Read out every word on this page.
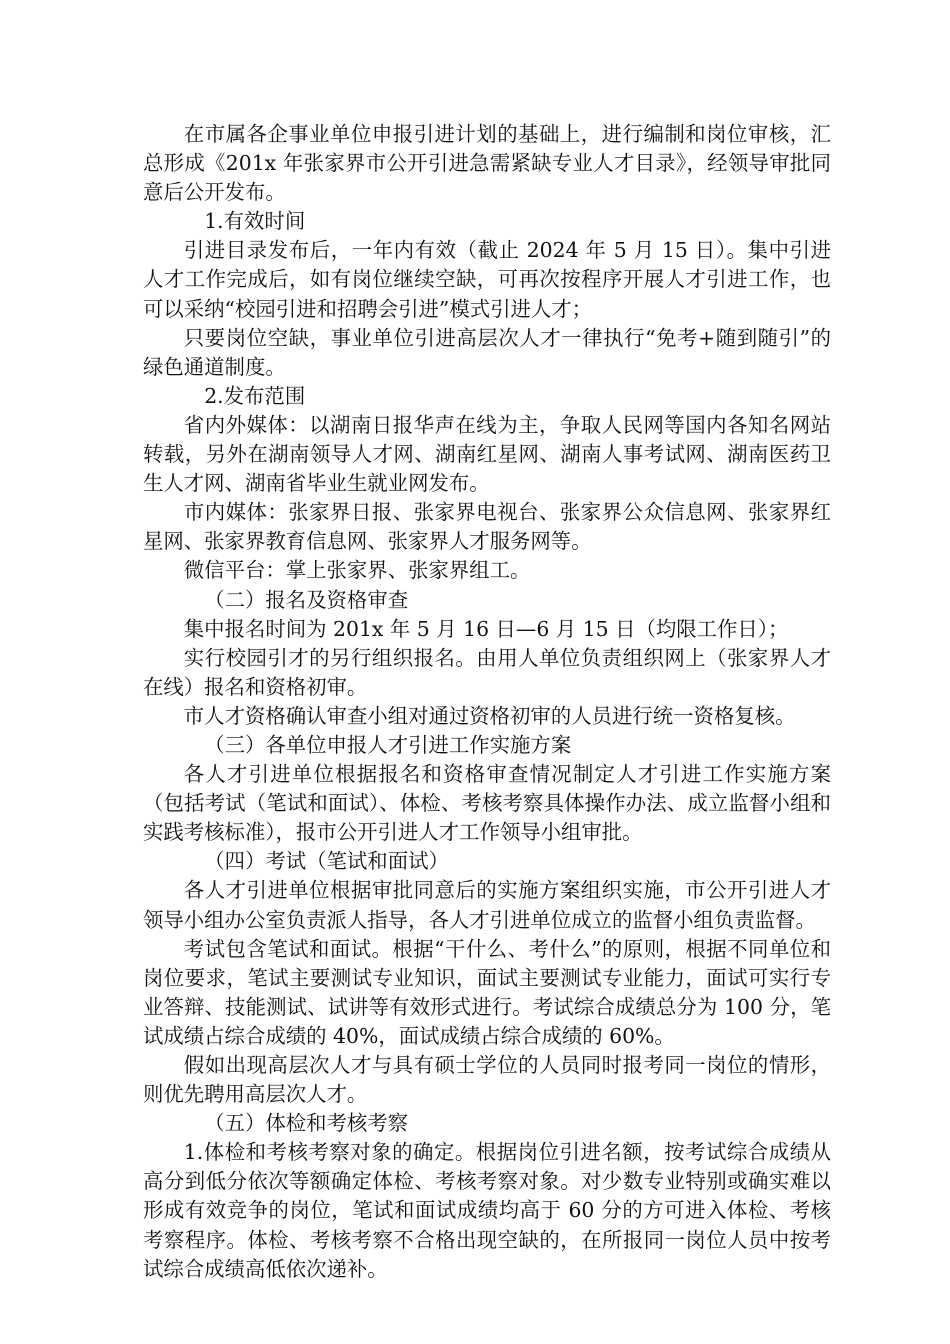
在市属各企事业单位申报引进计划的基础上，进行编制和岗位审核，汇总形成《201x 年张家界市公开引进急需紧缺专业人才目录》，经领导审批同意后公开发布。

1.有效时间

引进目录发布后，一年内有效（截止 2024 年 5 月 15 日）。集中引进人才工作完成后，如有岗位继续空缺，可再次按程序开展人才引进工作，也可以采纳“校园引进和招聘会引进”模式引进人才；

只要岗位空缺，事业单位引进高层次人才一律执行“免考+随到随引”的绿色通道制度。

2.发布范围

省内外媒体：以湖南日报华声在线为主，争取人民网等国内各知名网站转载，另外在湖南领导人才网、湖南红星网、湖南人事考试网、湖南医药卫生人才网、湖南省毕业生就业网发布。

市内媒体：张家界日报、张家界电视台、张家界公众信息网、张家界红星网、张家界教育信息网、张家界人才服务网等。

微信平台：掌上张家界、张家界组工。

（二）报名及资格审查

集中报名时间为 201x 年 5 月 16 日—6 月 15 日（均限工作日）；

实行校园引才的另行组织报名。由用人单位负责组织网上（张家界人才在线）报名和资格初审。

市人才资格确认审查小组对通过资格初审的人员进行统一资格复核。

（三）各单位申报人才引进工作实施方案

各人才引进单位根据报名和资格审查情况制定人才引进工作实施方案（包括考试（笔试和面试）、体检、考核考察具体操作办法、成立监督小组和实践考核标准），报市公开引进人才工作领导小组审批。

（四）考试（笔试和面试）

各人才引进单位根据审批同意后的实施方案组织实施，市公开引进人才领导小组办公室负责派人指导，各人才引进单位成立的监督小组负责监督。

考试包含笔试和面试。根据“干什么、考什么”的原则，根据不同单位和岗位要求，笔试主要测试专业知识，面试主要测试专业能力，面试可实行专业答辩、技能测试、试讲等有效形式进行。考试综合成绩总分为 100 分，笔试成绩占综合成绩的 40%，面试成绩占综合成绩的 60%。

假如出现高层次人才与具有硕士学位的人员同时报考同一岗位的情形，则优先聘用高层次人才。

（五）体检和考核考察

1.体检和考核考察对象的确定。根据岗位引进名额，按考试综合成绩从高分到低分依次等额确定体检、考核考察对象。对少数专业特别或确实难以形成有效竞争的岗位，笔试和面试成绩均高于 60 分的方可进入体检、考核考察程序。体检、考核考察不合格出现空缺的，在所报同一岗位人员中按考试综合成绩高低依次递补。
